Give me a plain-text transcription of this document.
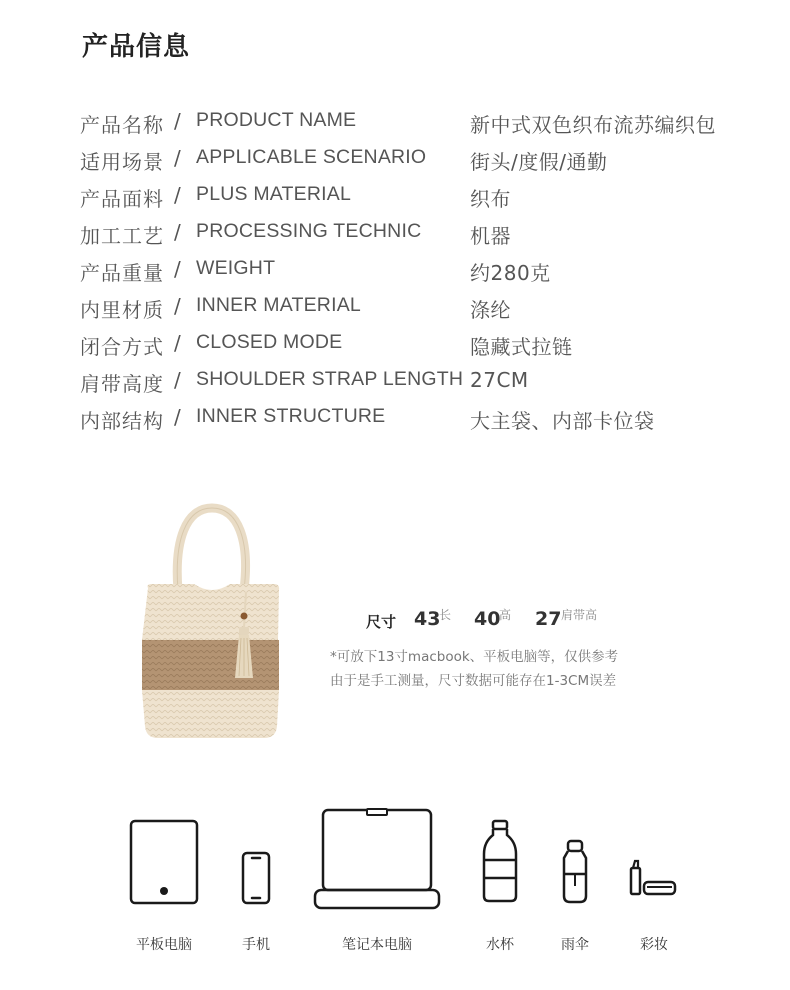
产品信息
产品名称 / PRODUCT NAME	新中式双色织布流苏编织包
适用场景 / APPLICABLE SCENARIO 街头/度假/通勤
产品面料 / PLUS MATERIAL	织布
加工工艺 / PROCESSING TECHNIC 机器
产品重量 / WEIGHT	约280克
内里材质 / INNER MATERIAL	涤纶
闭合方式 / CLOSED MODE	隐藏式拉链
肩带高度 / SHOULDER STRAP LENGTH 27CM
内部结构 / INNER STRUCTURE	大主袋、内部卡位袋
尺寸 43
长 40
高 27 肩带高
*可放下13寸macbook、平板电脑等，仅供参考
由于是手工测量，尺寸数据可能存在1-3CM误差
平板电脑	手机	笔记本电脑	水杯	雨伞	彩妆
